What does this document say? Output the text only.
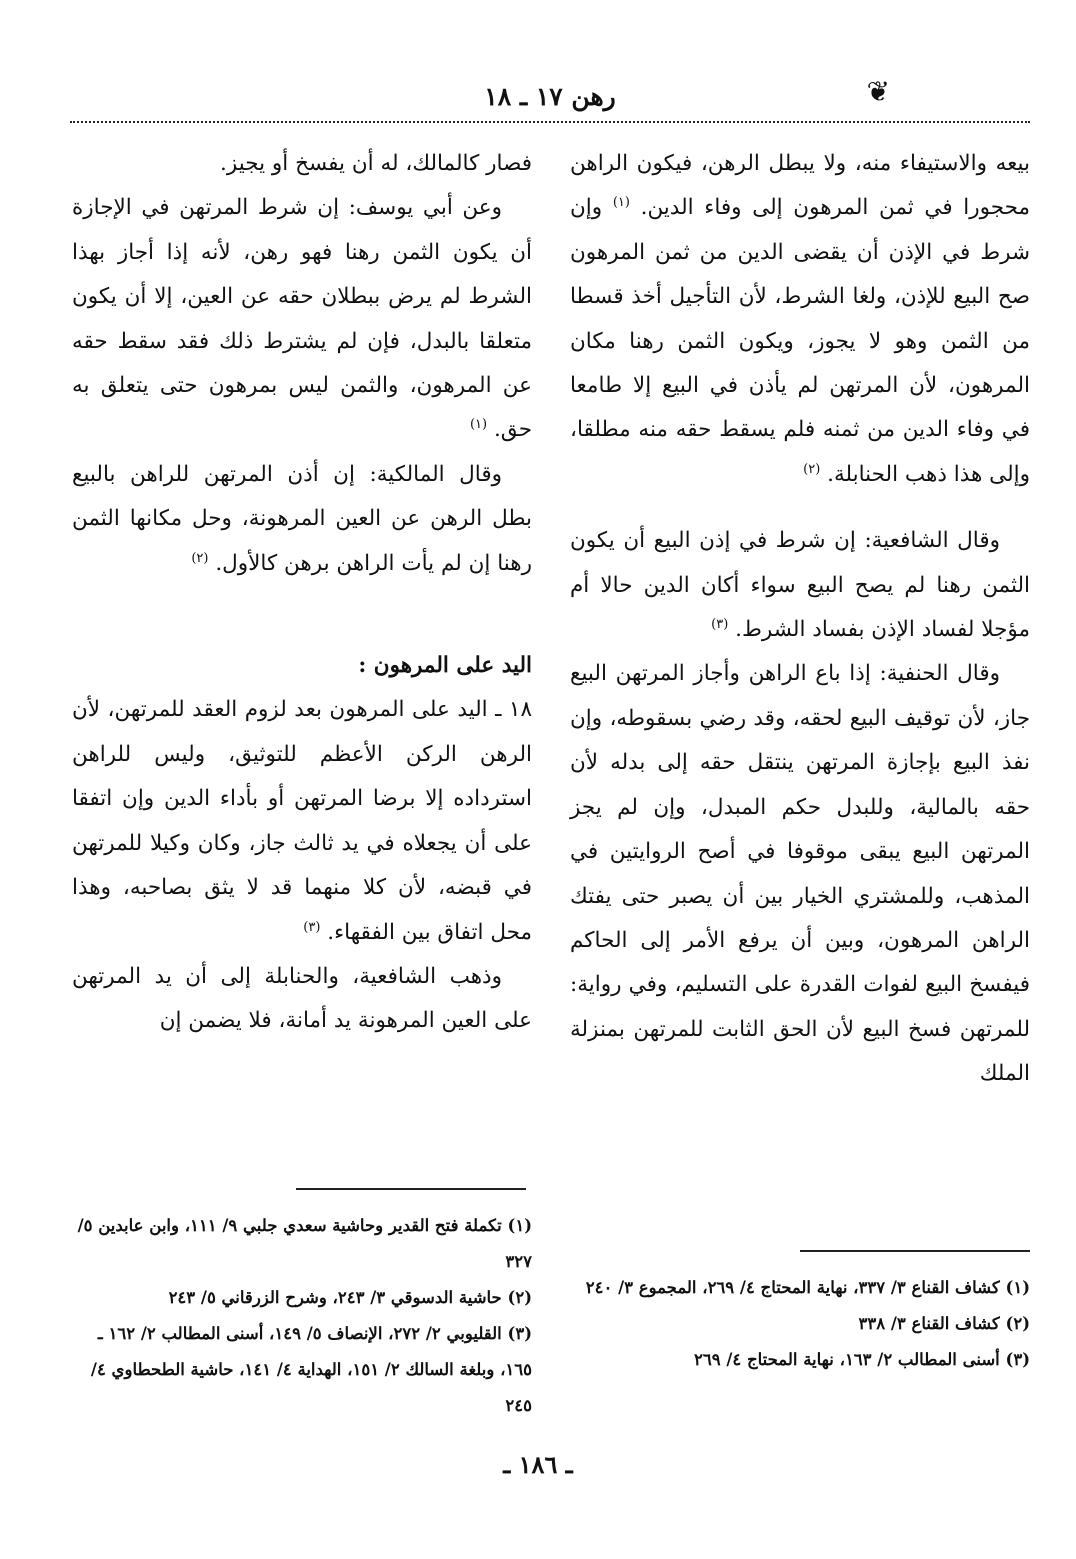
❦
رهن ١٧ ـ ١٨

بيعه والاستيفاء منه، ولا يبطل الرهن، فيكون الراهن محجورا في ثمن المرهون إلى وفاء الدين. $^{(١)}$ وإن شرط في الإذن أن يقضى الدين من ثمن المرهون صح البيع للإذن، ولغا الشرط، لأن التأجيل أخذ قسطا من الثمن وهو لا يجوز، ويكون الثمن رهنا مكان المرهون، لأن المرتهن لم يأذن في البيع إلا طامعا في وفاء الدين من ثمنه فلم يسقط حقه منه مطلقا، وإلى هذا ذهب الحنابلة. $^{(٢)}$

وقال الشافعية: إن شرط في إذن البيع أن يكون الثمن رهنا لم يصح البيع سواء أكان الدين حالا أم مؤجلا لفساد الإذن بفساد الشرط. $^{(٣)}$

وقال الحنفية: إذا باع الراهن وأجاز المرتهن البيع جاز، لأن توقيف البيع لحقه، وقد رضي بسقوطه، وإن نفذ البيع بإجازة المرتهن ينتقل حقه إلى بدله لأن حقه بالمالية، وللبدل حكم المبدل، وإن لم يجز المرتهن البيع يبقى موقوفا في أصح الروايتين في المذهب، وللمشتري الخيار بين أن يصبر حتى يفتك الراهن المرهون، وبين أن يرفع الأمر إلى الحاكم فيفسخ البيع لفوات القدرة على التسليم، وفي رواية: للمرتهن فسخ البيع لأن الحق الثابت للمرتهن بمنزلة الملك

فصار كالمالك، له أن يفسخ أو يجيز.

وعن أبي يوسف: إن شرط المرتهن في الإجازة أن يكون الثمن رهنا فهو رهن، لأنه إذا أجاز بهذا الشرط لم يرض ببطلان حقه عن العين، إلا أن يكون متعلقا بالبدل، فإن لم يشترط ذلك فقد سقط حقه عن المرهون، والثمن ليس بمرهون حتى يتعلق به حق. $^{(١)}$

وقال المالكية: إن أذن المرتهن للراهن بالبيع بطل الرهن عن العين المرهونة، وحل مكانها الثمن رهنا إن لم يأت الراهن برهن كالأول. $^{(٢)}$

اليد على المرهون :

١٨ ـ اليد على المرهون بعد لزوم العقد للمرتهن، لأن الرهن الركن الأعظم للتوثيق، وليس للراهن استرداده إلا برضا المرتهن أو بأداء الدين وإن اتفقا على أن يجعلاه في يد ثالث جاز، وكان وكيلا للمرتهن في قبضه، لأن كلا منهما قد لا يثق بصاحبه، وهذا محل اتفاق بين الفقهاء. $^{(٣)}$

وذهب الشافعية، والحنابلة إلى أن يد المرتهن على العين المرهونة يد أمانة، فلا يضمن إن

(١) كشاف القناع ٣/ ٣٣٧، نهاية المحتاج ٤/ ٢٦٩، المجموع ٣/ ٢٤٠

(٢) كشاف القناع ٣/ ٣٣٨

(٣) أسنى المطالب ٢/ ١٦٣، نهاية المحتاج ٤/ ٢٦٩

(١) تكملة فتح القدير وحاشية سعدي جلبي ٩/ ١١١، وابن عابدين ٥/ ٣٢٧

(٢) حاشية الدسوقي ٣/ ٢٤٣، وشرح الزرقاني ٥/ ٢٤٣

(٣) القليوبي ٢/ ٢٧٢، الإنصاف ٥/ ١٤٩، أسنى المطالب ٢/ ١٦٢ ـ ١٦٥، وبلغة السالك ٢/ ١٥١، الهداية ٤/ ١٤١، حاشية الطحطاوي ٤/ ٢٤٥

ـ ١٨٦ ـ
